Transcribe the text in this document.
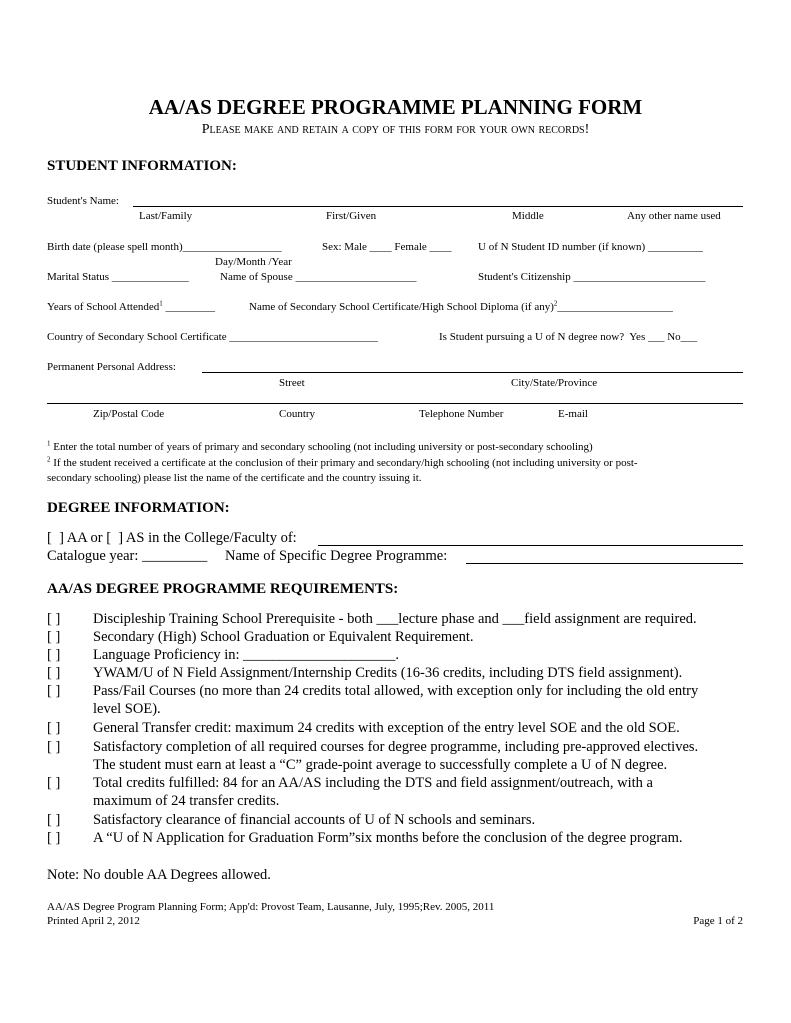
AA/AS DEGREE PROGRAMME PLANNING FORM
Please make and retain a copy of this form for your own records!
STUDENT INFORMATION:
Student's Name:
Last/Family	First/Given	Middle	Any other name used
Birth date (please spell month)__________________	Sex: Male ____ Female ____ U of N Student ID number (if known) __________
Day/Month /Year
Marital Status ______________	Name of Spouse ______________________	Student's Citizenship ________________________
Years of School Attended$^1$ _________	Name of Secondary School Certificate/High School Diploma (if any)$^2$_____________________
Country of Secondary School Certificate ___________________________	Is Student pursuing a U of N degree now?  Yes ___ No___
Permanent Personal Address:
Street	City/State/Province
Zip/Postal Code	Country	Telephone Number	E-mail
$^1$ Enter the total number of years of primary and secondary schooling (not including university or post-secondary schooling)
$^2$ If the student received a certificate at the conclusion of their primary and secondary/high schooling (not including university or post-
secondary schooling) please list the name of the certificate and the country issuing it.
DEGREE INFORMATION:
[  ] AA or [  ] AS in the College/Faculty of:
Catalogue year: _________ Name of Specific Degree Programme:
AA/AS DEGREE PROGRAMME REQUIREMENTS:
[ ] Discipleship Training School Prerequisite - both ___lecture phase and ___field assignment are required.
[ ] Secondary (High) School Graduation or Equivalent Requirement.
[ ] Language Proficiency in: _____________________.
[ ] YWAM/U of N Field Assignment/Internship Credits (16-36 credits, including DTS field assignment).
[ ] Pass/Fail Courses (no more than 24 credits total allowed, with exception only for including the old entry
level SOE).
[ ] General Transfer credit: maximum 24 credits with exception of the entry level SOE and the old SOE.
[ ] Satisfactory completion of all required courses for degree programme, including pre-approved electives.
The student must earn at least a “C” grade-point average to successfully complete a U of N degree.
[ ] Total credits fulfilled: 84 for an AA/AS including the DTS and field assignment/outreach, with a
maximum of 24 transfer credits.
[ ] Satisfactory clearance of financial accounts of U of N schools and seminars.
[ ] A “U of N Application for Graduation Form”six months before the conclusion of the degree program.
Note: No double AA Degrees allowed.
AA/AS Degree Program Planning Form; App'd: Provost Team, Lausanne, July, 1995;Rev. 2005, 2011
Printed April 2, 2012	Page 1 of 2
